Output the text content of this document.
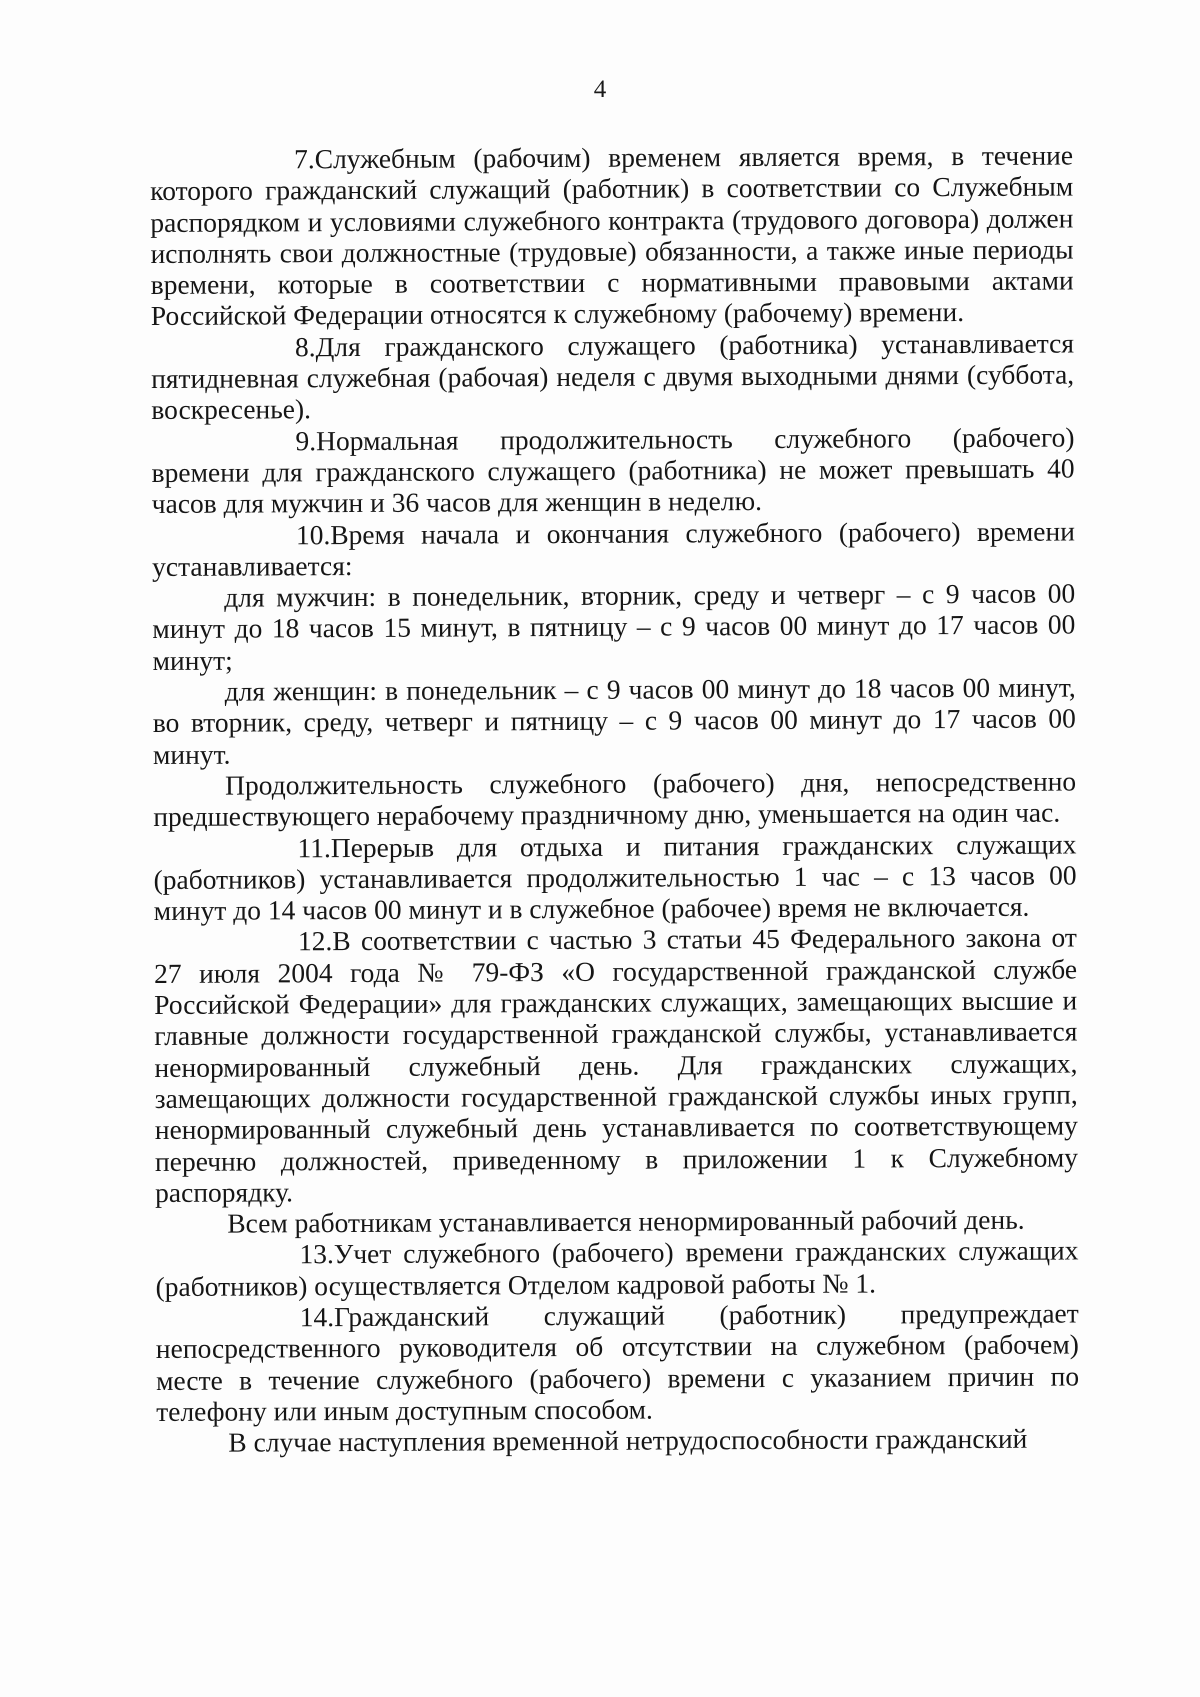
4

7.Служебным (рабочим) временем является время, в течение которого гражданский служащий (работник) в соответствии со Служебным распорядком и условиями служебного контракта (трудового договора) должен исполнять свои должностные (трудовые) обязанности, а также иные периоды времени, которые в соответствии с нормативными правовыми актами Российской Федерации относятся к служебному (рабочему) времени.

8.Для гражданского служащего (работника) устанавливается пятидневная служебная (рабочая) неделя с двумя выходными днями (суббота, воскресенье).

9.Нормальная продолжительность служебного (рабочего) времени для гражданского служащего (работника) не может превышать 40 часов для мужчин и 36 часов для женщин в неделю.

10.Время начала и окончания служебного (рабочего) времени устанавливается:

для мужчин: в понедельник, вторник, среду и четверг – с 9 часов 00 минут до 18 часов 15 минут, в пятницу – с 9 часов 00 минут до 17 часов 00 минут;

для женщин: в понедельник – с 9 часов 00 минут до 18 часов 00 минут, во вторник, среду, четверг и пятницу – с 9 часов 00 минут до 17 часов 00 минут.

Продолжительность служебного (рабочего) дня, непосредственно предшествующего нерабочему праздничному дню, уменьшается на один час.

11.Перерыв для отдыха и питания гражданских служащих (работников) устанавливается продолжительностью 1 час – с 13 часов 00 минут до 14 часов 00 минут и в служебное (рабочее) время не включается.

12.В соответствии с частью 3 статьи 45 Федерального закона от 27 июля 2004 года № 79-ФЗ «О государственной гражданской службе Российской Федерации» для гражданских служащих, замещающих высшие и главные должности государственной гражданской службы, устанавливается ненормированный служебный день. Для гражданских служащих, замещающих должности государственной гражданской службы иных групп, ненормированный служебный день устанавливается по соответствующему перечню должностей, приведенному в приложении 1 к Служебному распорядку.

Всем работникам устанавливается ненормированный рабочий день.

13.Учет служебного (рабочего) времени гражданских служащих (работников) осуществляется Отделом кадровой работы № 1.

14.Гражданский служащий (работник) предупреждает непосредственного руководителя об отсутствии на служебном (рабочем) месте в течение служебного (рабочего) времени с указанием причин по телефону или иным доступным способом.

В случае наступления временной нетрудоспособности гражданский
